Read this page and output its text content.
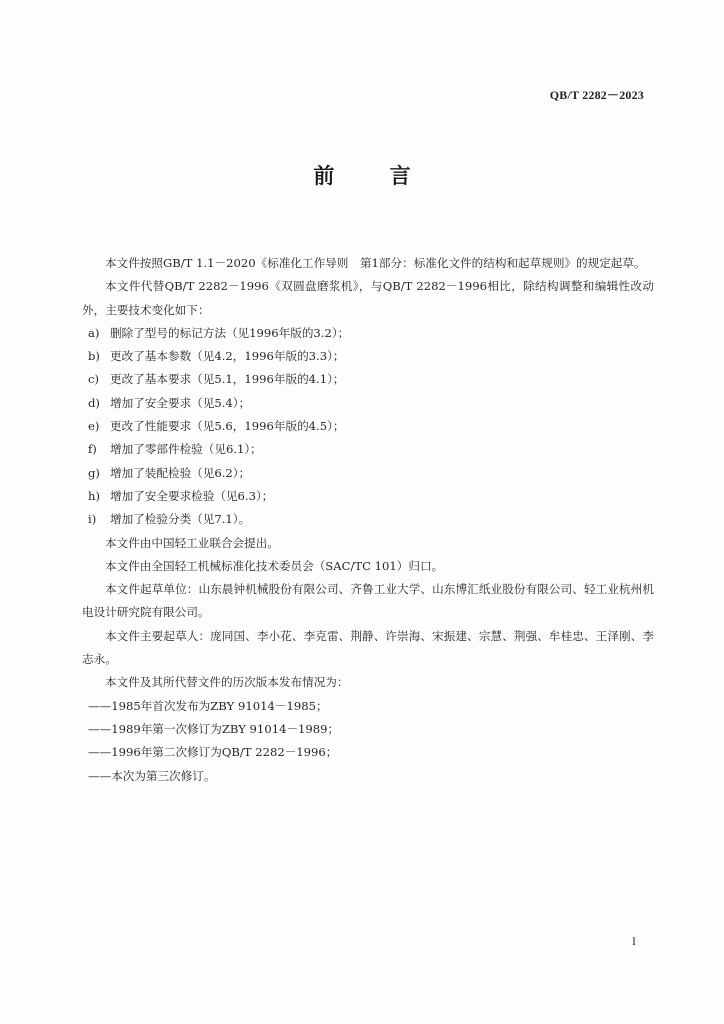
QB/T 2282－2023
前 言

本文件按照GB/T 1.1－2020《标准化工作导则　第1部分：标准化文件的结构和起草规则》的规定起草。

本文件代替QB/T 2282－1996《双圆盘磨浆机》，与QB/T 2282－1996相比，除结构调整和编辑性改动外，主要技术变化如下：

a) 删除了型号的标记方法（见1996年版的3.2）；

b) 更改了基本参数（见4.2，1996年版的3.3）；

c) 更改了基本要求（见5.1，1996年版的4.1）；

d) 增加了安全要求（见5.4）；

e) 更改了性能要求（见5.6，1996年版的4.5）；

f) 增加了零部件检验（见6.1）；

g) 增加了装配检验（见6.2）；

h) 增加了安全要求检验（见6.3）；

i) 增加了检验分类（见7.1）。

本文件由中国轻工业联合会提出。

本文件由全国轻工机械标准化技术委员会（SAC/TC 101）归口。

本文件起草单位：山东晨钟机械股份有限公司、齐鲁工业大学、山东博汇纸业股份有限公司、轻工业杭州机电设计研究院有限公司。

本文件主要起草人：庞同国、李小花、李克雷、荆静、许崇海、宋振建、宗慧、荆强、牟桂忠、王泽刚、李志永。

本文件及其所代替文件的历次版本发布情况为：

——1985年首次发布为ZBY 91014－1985；

——1989年第一次修订为ZBY 91014－1989；

——1996年第二次修订为QB/T 2282－1996；

——本次为第三次修订。

I
